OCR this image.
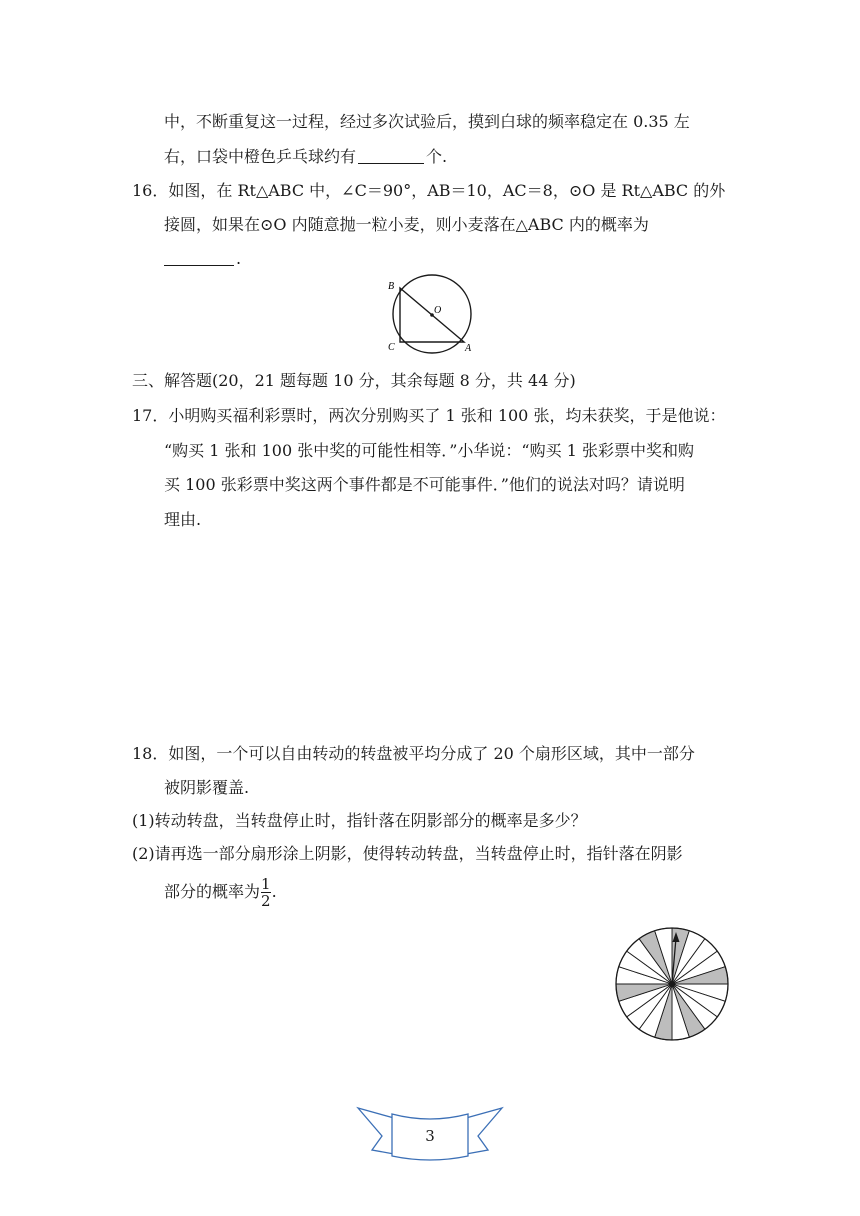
中，不断重复这一过程，经过多次试验后，摸到白球的频率稳定在 0.35 左
右，口袋中橙色乒乓球约有	个.
16．如图，在 Rt△ABC 中，∠C＝90°，AB＝10，AC＝8，⊙O 是 Rt△ABC 的外
接圆，如果在⊙O 内随意抛一粒小麦，则小麦落在△ABC 内的概率为
.
B
C	A
O
三、解答题(20，21 题每题 10 分，其余每题 8 分，共 44 分)
17．小明购买福利彩票时，两次分别购买了 1 张和 100 张，均未获奖，于是他说：
“购买 1 张和 100 张中奖的可能性相等．”小华说：“购买 1 张彩票中奖和购
买 100 张彩票中奖这两个事件都是不可能事件．”他们的说法对吗？请说明
理由.
18．如图，一个可以自由转动的转盘被平均分成了 20 个扇形区域，其中一部分
被阴影覆盖.
(1)转动转盘，当转盘停止时，指针落在阴影部分的概率是多少？
(2)请再选一部分扇形涂上阴影，使得转动转盘，当转盘停止时，指针落在阴影
部分的概率为 $\frac{1}{2}$ .
3
